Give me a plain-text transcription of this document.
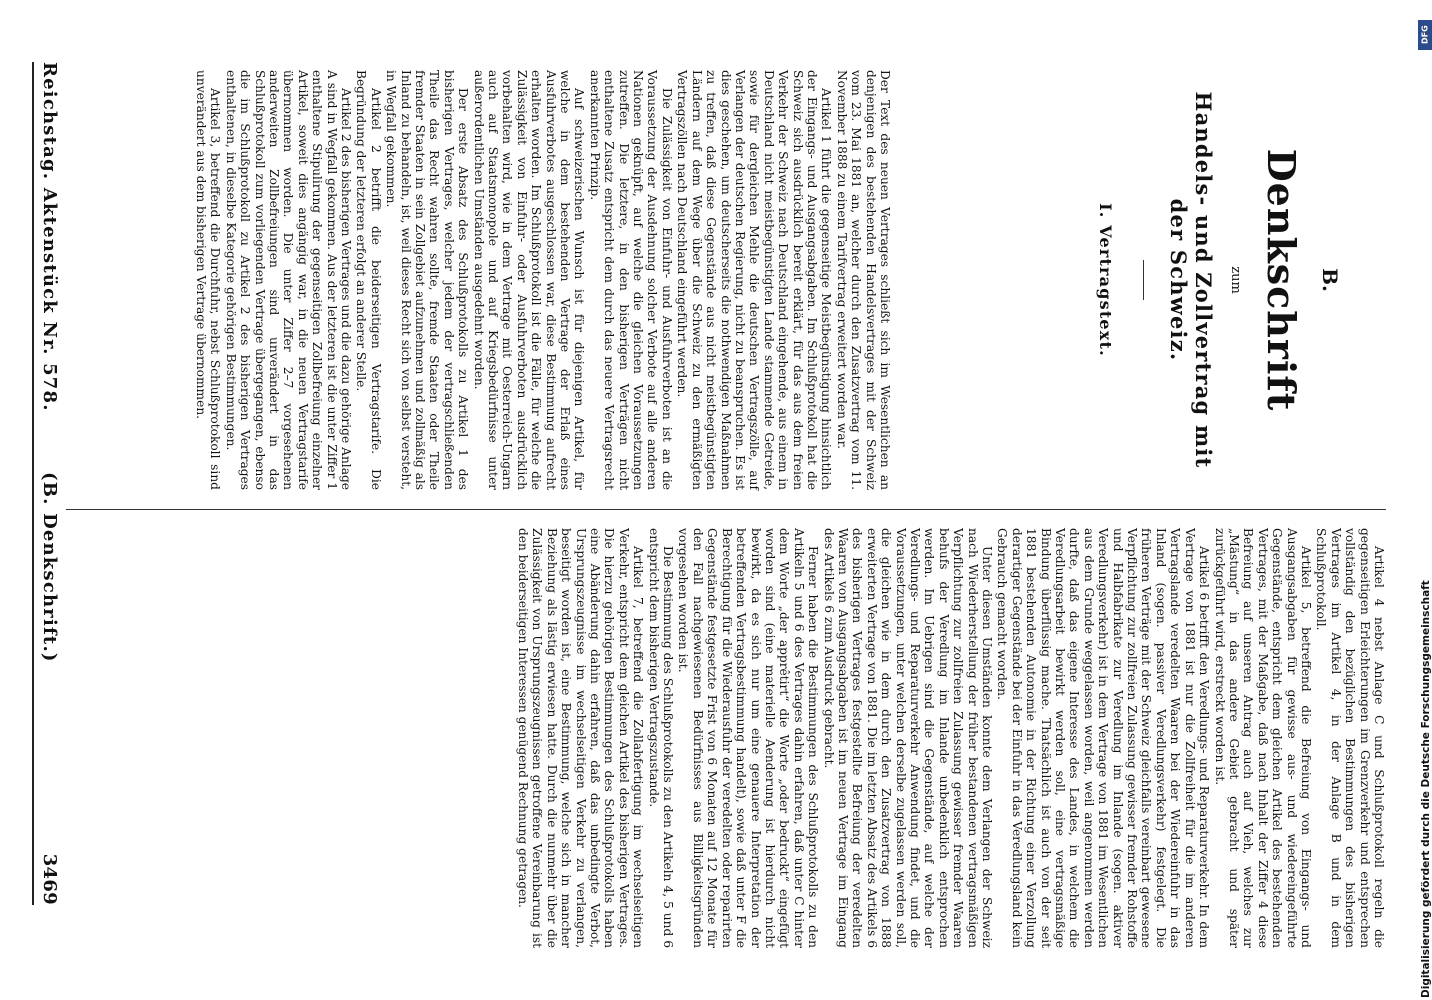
Reichstag. Aktenstück Nr. 578.
(B. Denkschrift.)
3469
B.
Denkschrift
zum
Handels- und Zollvertrag mit der Schweiz.
I. Vertragstext.

Der Text des neuen Vertrages schließt sich im Wesentlichen an denjenigen des bestehenden Handelsvertrages mit der Schweiz vom 23. Mai 1881 an, welcher durch den Zusatzvertrag vom 11. November 1888 zu einem Tarifvertrag erweitert worden war.

Artikel 1 führt die gegenseitige Meistbegünstigung hinsichtlich der Eingangs- und Ausgangsabgaben. Im Schlußprotokoll hat die Schweiz sich ausdrücklich bereit erklärt, für das aus dem freien Verkehr der Schweiz nach Deutschland eingehende, aus einem in Deutschland nicht meistbegünstigten Lande stammende Getreide, sowie für dergleichen Mehle die deutschen Vertragszölle, auf Verlangen der deutschen Regierung, nicht zu beanspruchen. Es ist dies geschehen, um deutscherseits die nothwendigen Maßnahmen zu treffen, daß diese Gegenstände aus nicht meistbegünstigten Ländern auf dem Wege über die Schweiz zu den ermäßigten Vertragszöllen nach Deutschland eingeführt werden.

Die Zulässigkeit von Einfuhr- und Ausfuhrverboten ist an die Voraussetzung der Ausdehnung solcher Verbote auf alle anderen Nationen geknüpft, auf welche die gleichen Voraussetzungen zutreffen. Die letztere, in den bisherigen Verträgen nicht enthaltene Zusatz entspricht dem durch das neuere Vertragsrecht anerkannten Prinzip.

Auf schweizerischen Wunsch ist für diejenigen Artikel, für welche in dem bestehenden Vertrage der Erlaß eines Ausfuhrverbotes ausgeschlossen war, diese Bestimmung aufrecht erhalten worden. Im Schlußprotokoll ist die Fälle, für welche die Zulässigkeit von Einfuhr- oder Ausfuhrverboten ausdrücklich vorbehalten wird, wie in dem Vertrage mit Oesterreich-Ungarn auch auf Staatsmonopole und auf Kriegsbedürfnisse unter außerordentlichen Umständen ausgedehnt worden.

Der erste Absatz des Schlußprotokolls zu Artikel 1 des bisherigen Vertrages, welcher jedem der vertragschließenden Theile das Recht wahren sollte, fremde Staaten oder Theile fremder Staaten in sein Zollgebiet aufzunehmen und zollmäßig als Inland zu behandeln, ist, weil dieses Recht sich von selbst versteht, in Wegfall gekommen.

Artikel 2 betrifft die beiderseitigen Vertragstarife. Die Begründung der letzteren erfolgt an anderer Stelle.

Artikel 2 des bisherigen Vertrages und die dazu gehörige Anlage A sind in Wegfall gekommen. Aus der letzteren ist die unter Ziffer 1 enthaltene Stipulirung der gegenseitigen Zollbefreiung einzelner Artikel, soweit dies angängig war, in die neuen Vertragstarife übernommen worden. Die unter Ziffer 2–7 vorgesehenen anderweiten Zollbefreiungen sind unverändert in das Schlußprotokoll zum vorliegenden Vertrage übergegangen, ebenso die im Schlußprotokoll zu Artikel 2 des bisherigen Vertrages enthaltenen, in dieselbe Kategorie gehörigen Bestimmungen.

Artikel 3, betreffend die Durchfuhr, nebst Schlußprotokoll sind unverändert aus dem bisherigen Vertrage übernommen.

Artikel 4 nebst Anlage C und Schlußprotokoll regeln die gegenseitigen Erleichterungen im Grenzverkehr und entsprechen vollständig den bezüglichen Bestimmungen des bisherigen Vertrages im Artikel 4, in der Anlage B und in dem Schlußprotokoll.

Artikel 5, betreffend die Befreiung von Eingangs- und Ausgangsabgaben für gewisse aus- und wiedereingeführte Gegenstände, entspricht dem gleichen Artikel des bestehenden Vertrages, mit der Maßgabe, daß nach Inhalt der Ziffer 4 diese Befreiung auf unseren Antrag auch auf Vieh, welches zur „Mästung“ in das andere Gebiet gebracht und später zurückgeführt wird, erstreckt worden ist.

Artikel 6 betrifft den Veredlungs- und Reparaturverkehr. In dem Vertrage von 1881 ist nur die Zollfreiheit für die im anderen Vertragslande veredelten Waaren bei der Wiedereinfuhr in das Inland (sogen. passiver Veredlungsverkehr) festgelegt. Die früheren Verträge mit der Schweiz gleichfalls vereinbart gewesene Verpflichtung zur zollfreien Zulassung gewisser fremder Rohstoffe und Halbfabrikate zur Veredlung im Inlande (sogen. aktiver Veredlungsverkehr) ist in dem Vertrage von 1881 im Wesentlichen aus dem Grunde weggelassen worden, weil angenommen werden durfte, daß das eigene Interesse des Landes, in welchem die Veredlungsarbeit bewirkt werden soll, eine vertragsmäßige Bindung überflüssig mache. Thatsächlich ist auch von der seit 1881 bestehenden Autonomie in der Richtung einer Verzollung derartiger Gegenstände bei der Einfuhr in das Veredlungsland kein Gebrauch gemacht worden.

Unter diesen Umständen konnte dem Verlangen der Schweiz nach Wiederherstellung der früher bestandenen vertragsmäßigen Verpflichtung zur zollfreien Zulassung gewisser fremder Waaren behufs der Veredlung im Inlande unbedenklich entsprochen werden. Im Uebrigen sind die Gegenstände, auf welche der Veredlungs- und Reparaturverkehr Anwendung findet, und die Voraussetzungen, unter welchen derselbe zugelassen werden soll, die gleichen wie in dem durch den Zusatzvertrag von 1888 erweiterten Vertrage von 1881. Die im letzten Absatz des Artikels 6 des bisherigen Vertrages festgestellte Befreiung der veredelten Waaren von Ausgangsabgaben ist im neuen Vertrage im Eingang des Artikels 6 zum Ausdruck gebracht.

Ferner haben die Bestimmungen des Schlußprotokolls zu den Artikeln 5 und 6 des Vertrages dahin erfahren, daß unter C hinter dem Worte „der apprêtirt“ die Worte „oder bedruckt“ eingefügt worden sind (eine materielle Aenderung ist hierdurch nicht bewirkt, da es sich nur um eine genauere Interpretation der betreffenden Vertragsbestimmung handelt), sowie daß unter F die Berechtigung für die Wiederausfuhr der veredelten oder reparirten Gegenstände festgesetzte Frist von 6 Monaten auf 12 Monate für den Fall nachgewiesenen Bedürfnisses aus Billigkeitsgründen vorgesehen worden ist.

Die Bestimmung des Schlußprotokolls zu den Artikeln 4, 5 und 6 entspricht dem bisherigen Vertragszustande.

Artikel 7, betreffend die Zollabfertigung im wechselseitigen Verkehr, entspricht dem gleichen Artikel des bisherigen Vertrages. Die hierzu gehörigen Bestimmungen des Schlußprotokolls haben eine Abänderung dahin erfahren, daß das unbedingte Verbot, Ursprungszeugnisse im wechselseitigen Verkehr zu verlangen, beseitigt worden ist, eine Bestimmung, welche sich in mancher Beziehung als lästig erwiesen hatte. Durch die nunmehr über die Zulässigkeit von Ursprungszeugnissen getroffene Vereinbarung ist den beiderseitigen Interessen genügend Rechnung getragen.	Digitalisierung gefördert durch die Deutsche Forschungsgemeinschaft
DFG
